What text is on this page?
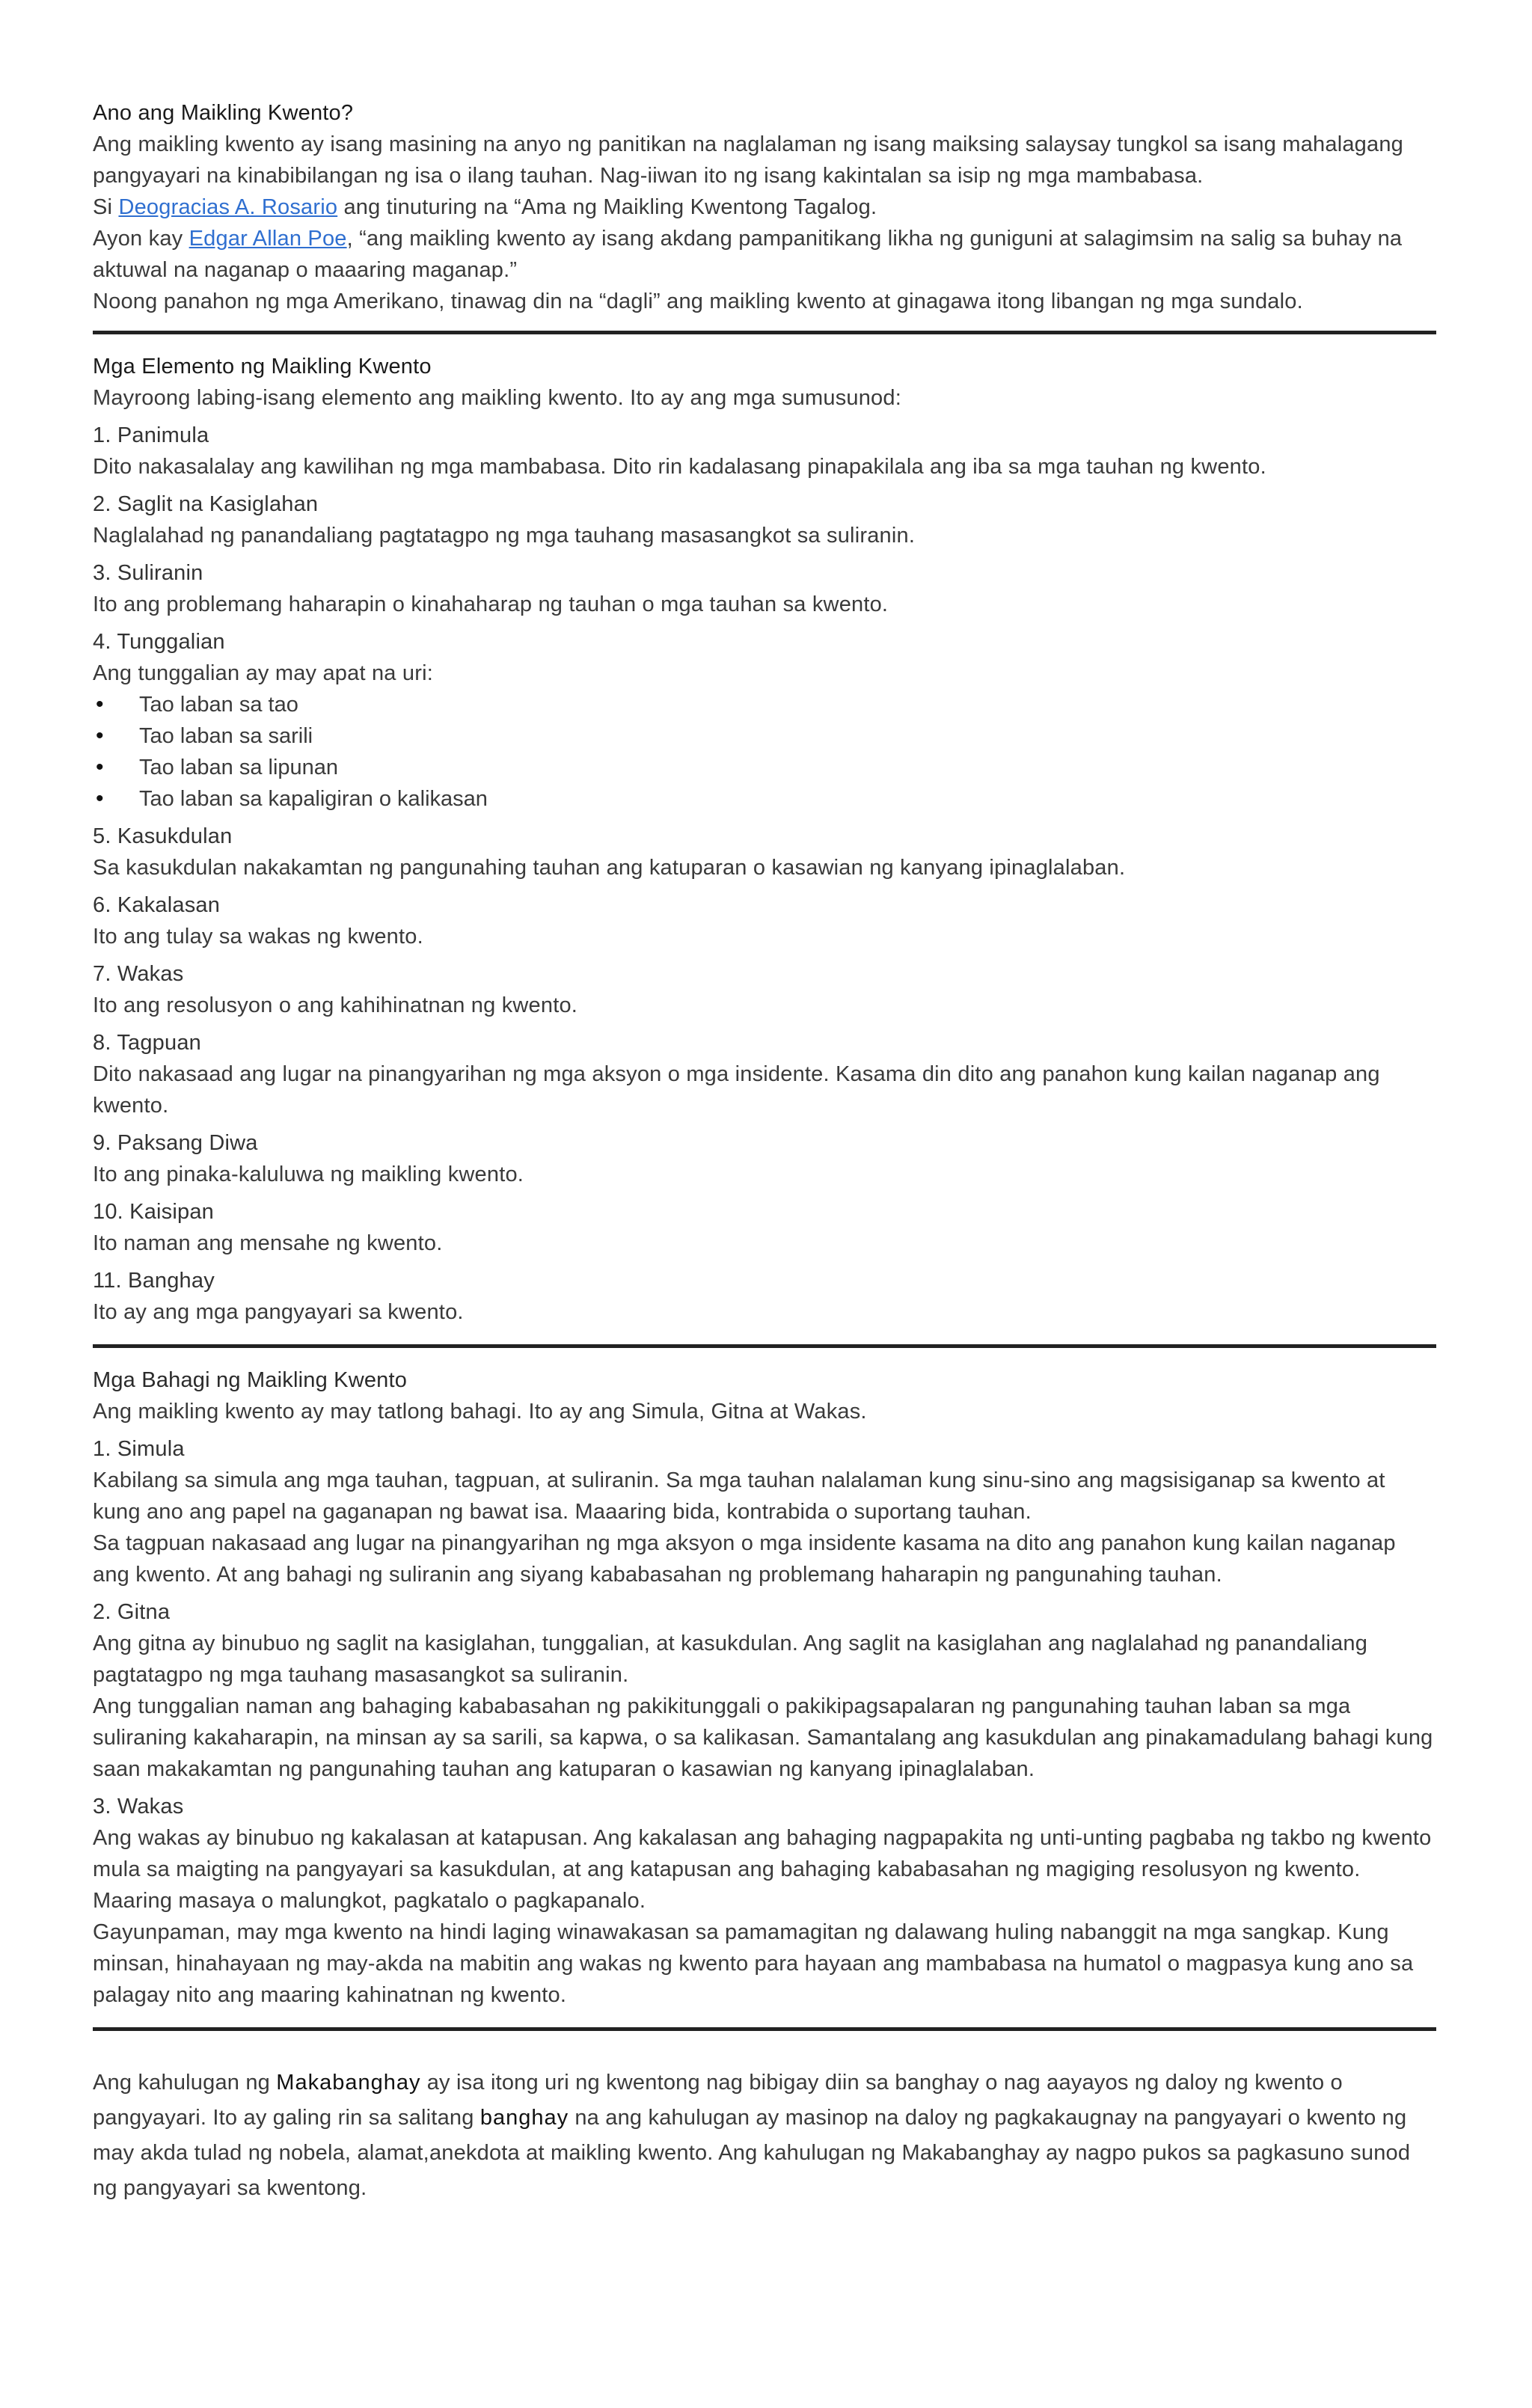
Ano ang Maikling Kwento?

Ang maikling kwento ay isang masining na anyo ng panitikan na naglalaman ng isang maiksing salaysay tungkol sa isang mahalagang pangyayari na kinabibilangan ng isa o ilang tauhan. Nag-iiwan ito ng isang kakintalan sa isip ng mga mambabasa.

Si Deogracias A. Rosario ang tinuturing na “Ama ng Maikling Kwentong Tagalog.

Ayon kay Edgar Allan Poe, “ang maikling kwento ay isang akdang pampanitikang likha ng guniguni at salagimsim na salig sa buhay na aktuwal na naganap o maaaring maganap.”

Noong panahon ng mga Amerikano, tinawag din na “dagli” ang maikling kwento at ginagawa itong libangan ng mga sundalo.

Mga Elemento ng Maikling Kwento

Mayroong labing-isang elemento ang maikling kwento. Ito ay ang mga sumusunod:

1. Panimula

Dito nakasalalay ang kawilihan ng mga mambabasa. Dito rin kadalasang pinapakilala ang iba sa mga tauhan ng kwento.

2. Saglit na Kasiglahan

Naglalahad ng panandaliang pagtatagpo ng mga tauhang masasangkot sa suliranin.

3. Suliranin

Ito ang problemang haharapin o kinahaharap ng tauhan o mga tauhan sa kwento.

4. Tunggalian

Ang tunggalian ay may apat na uri:

• Tao laban sa tao
• Tao laban sa sarili
• Tao laban sa lipunan
• Tao laban sa kapaligiran o kalikasan

5. Kasukdulan

Sa kasukdulan nakakamtan ng pangunahing tauhan ang katuparan o kasawian ng kanyang ipinaglalaban.

6. Kakalasan

Ito ang tulay sa wakas ng kwento.

7. Wakas

Ito ang resolusyon o ang kahihinatnan ng kwento.

8. Tagpuan

Dito nakasaad ang lugar na pinangyarihan ng mga aksyon o mga insidente. Kasama din dito ang panahon kung kailan naganap ang kwento.

9. Paksang Diwa

Ito ang pinaka-kaluluwa ng maikling kwento.

10. Kaisipan

Ito naman ang mensahe ng kwento.

11. Banghay

Ito ay ang mga pangyayari sa kwento.

Mga Bahagi ng Maikling Kwento

Ang maikling kwento ay may tatlong bahagi. Ito ay ang Simula, Gitna at Wakas.

1. Simula

Kabilang sa simula ang mga tauhan, tagpuan, at suliranin. Sa mga tauhan nalalaman kung sinu-sino ang magsisiganap sa kwento at kung ano ang papel na gaganapan ng bawat isa. Maaaring bida, kontrabida o suportang tauhan.

Sa tagpuan nakasaad ang lugar na pinangyarihan ng mga aksyon o mga insidente kasama na dito ang panahon kung kailan naganap ang kwento. At ang bahagi ng suliranin ang siyang kababasahan ng problemang haharapin ng pangunahing tauhan.

2. Gitna

Ang gitna ay binubuo ng saglit na kasiglahan, tunggalian, at kasukdulan. Ang saglit na kasiglahan ang naglalahad ng panandaliang pagtatagpo ng mga tauhang masasangkot sa suliranin.

Ang tunggalian naman ang bahaging kababasahan ng pakikitunggali o pakikipagsapalaran ng pangunahing tauhan laban sa mga suliraning kakaharapin, na minsan ay sa sarili, sa kapwa, o sa kalikasan. Samantalang ang kasukdulan ang pinakamadulang bahagi kung saan makakamtan ng pangunahing tauhan ang katuparan o kasawian ng kanyang ipinaglalaban.

3. Wakas

Ang wakas ay binubuo ng kakalasan at katapusan. Ang kakalasan ang bahaging nagpapakita ng unti-unting pagbaba ng takbo ng kwento mula sa maigting na pangyayari sa kasukdulan, at ang katapusan ang bahaging kababasahan ng magiging resolusyon ng kwento. Maaring masaya o malungkot, pagkatalo o pagkapanalo.

Gayunpaman, may mga kwento na hindi laging winawakasan sa pamamagitan ng dalawang huling nabanggit na mga sangkap. Kung minsan, hinahayaan ng may-akda na mabitin ang wakas ng kwento para hayaan ang mambabasa na humatol o magpasya kung ano sa palagay nito ang maaring kahinatnan ng kwento.

Ang kahulugan ng Makabanghay ay isa itong uri ng kwentong nag bibigay diin sa banghay o nag aayayos ng daloy ng kwento o pangyayari. Ito ay galing rin sa salitang banghay na ang kahulugan ay masinop na daloy ng pagkakaugnay na pangyayari o kwento ng may akda tulad ng nobela, alamat,anekdota at maikling kwento. Ang kahulugan ng Makabanghay ay nagpo pukos sa pagkasuno sunod ng pangyayari sa kwentong.
